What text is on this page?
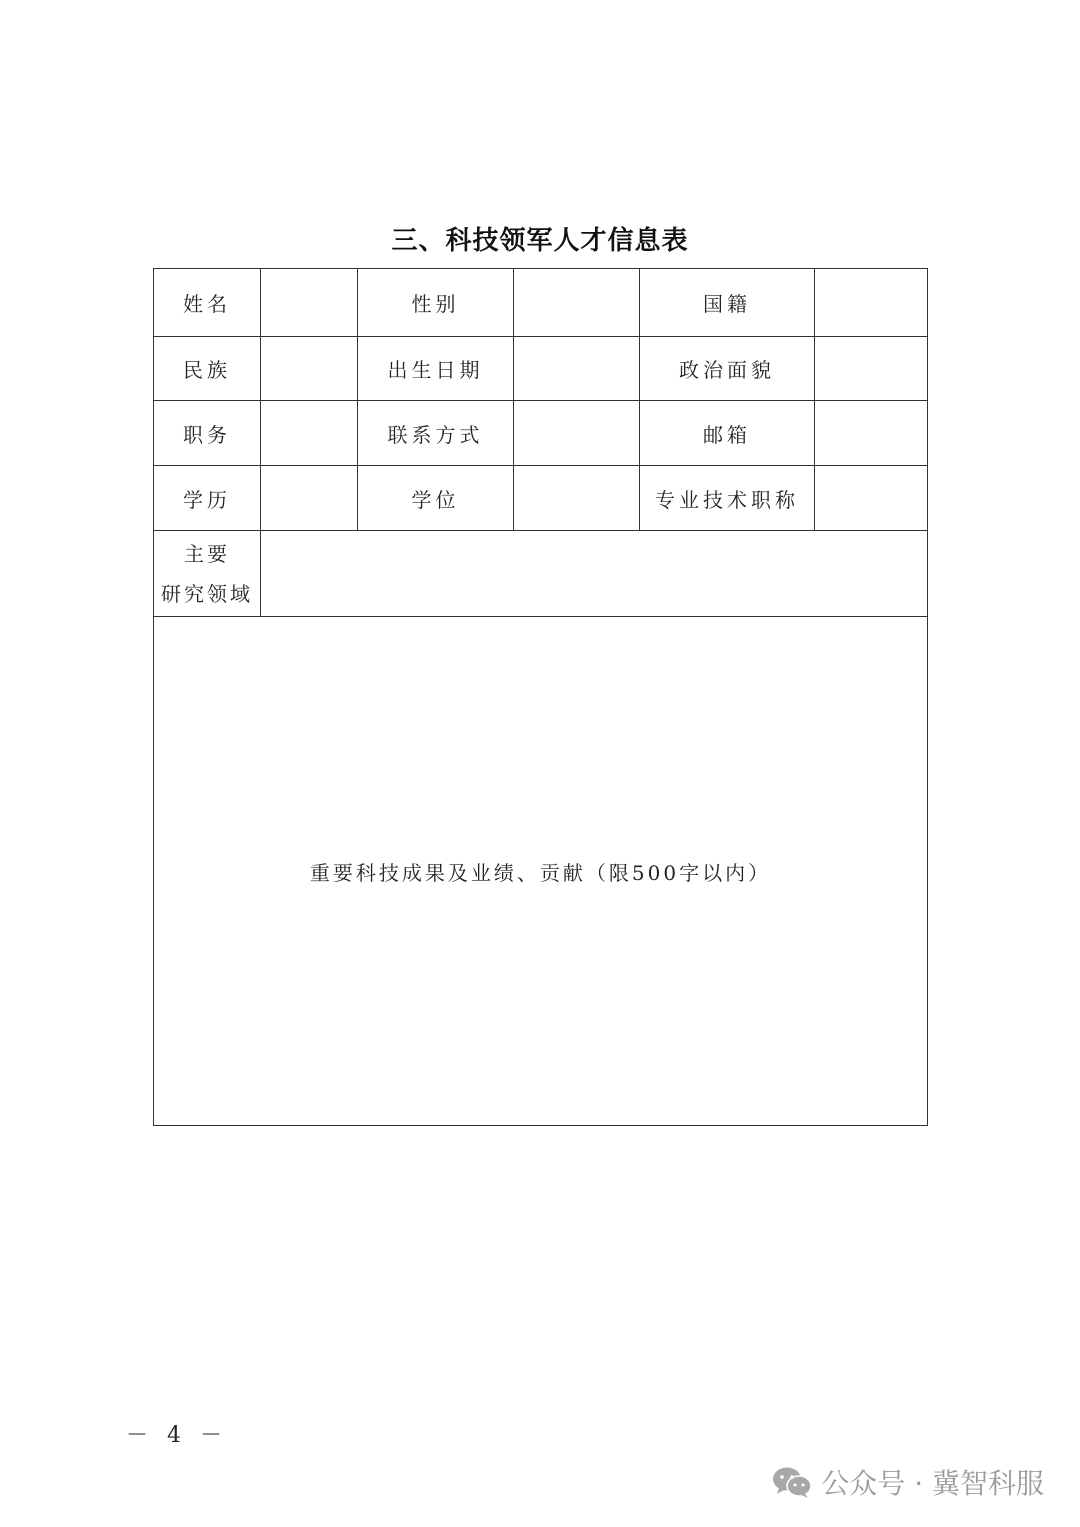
三、科技领军人才信息表
姓名		性别		国籍	
民族		出生日期		政治面貌	
职务		联系方式		邮箱	
学历		学位		专业技术职称	

主要
研究领域					

重要科技成果及业绩、贡献（限500字以内）					
－ 4 －
公众号 · 冀智科服
